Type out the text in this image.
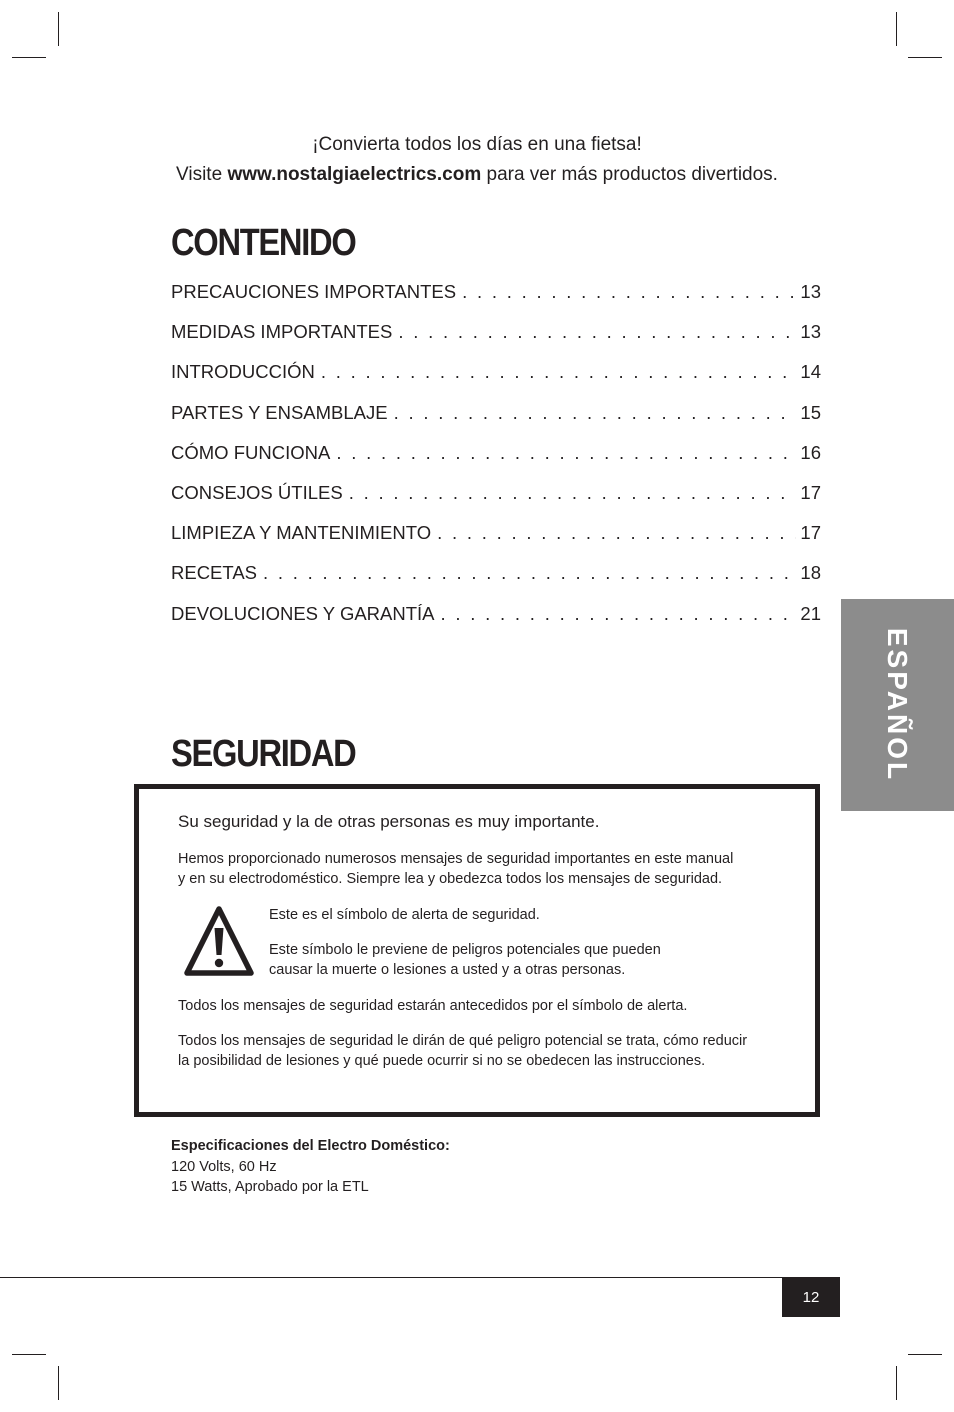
¡Convierta todos los días en una fietsa!
Visite www.nostalgiaelectrics.com para ver más productos divertidos.
CONTENIDO
PRECAUCIONES IMPORTANTES . . .	13
MEDIDAS IMPORTANTES . . .	13
INTRODUCCIÓN . . .	14
PARTES Y ENSAMBLAJE . . .	15
CÓMO FUNCIONA . . .	16
CONSEJOS ÚTILES . . .	17
LIMPIEZA Y MANTENIMIENTO . . .	17
RECETAS . . .	18
DEVOLUCIONES Y GARANTÍA . . .	21
ESPAÑOL
SEGURIDAD
Su seguridad y la de otras personas es muy importante.
Hemos proporcionado numerosos mensajes de seguridad importantes en este manual
y en su electrodoméstico. Siempre lea y obedezca todos los mensajes de seguridad.
Este es el símbolo de alerta de seguridad.
Este símbolo le previene de peligros potenciales que pueden
causar la muerte o lesiones a usted y a otras personas.
Todos los mensajes de seguridad estarán antecedidos por el símbolo de alerta.
Todos los mensajes de seguridad le dirán de qué peligro potencial se trata, cómo reducir
la posibilidad de lesiones y qué puede ocurrir si no se obedecen las instrucciones.
Especificaciones del Electro Doméstico:
120 Volts, 60 Hz
15 Watts, Aprobado por la ETL
12
